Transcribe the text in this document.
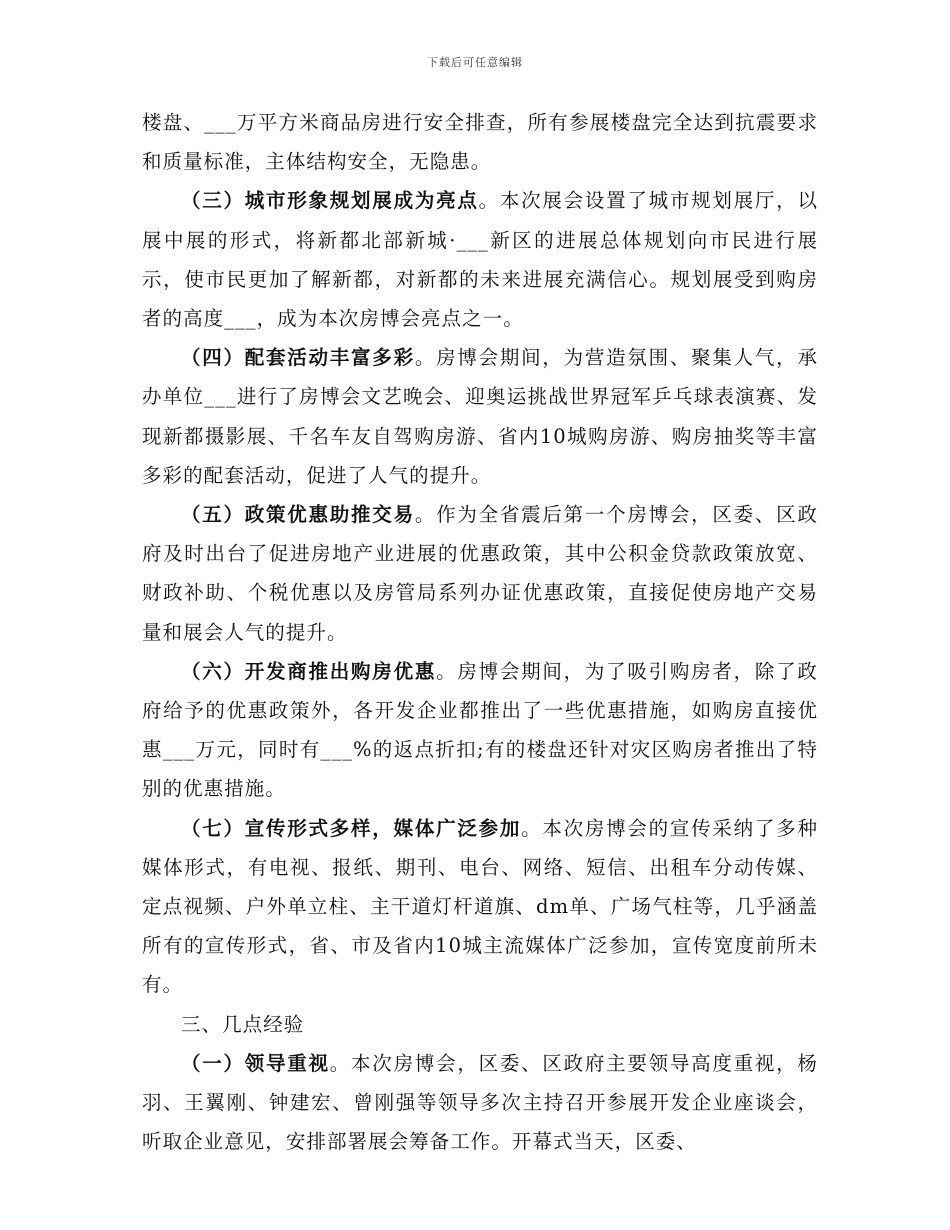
下载后可任意编辑

楼盘、___万平方米商品房进行安全排查，所有参展楼盘完全达到抗震要求和质量标准，主体结构安全，无隐患。

（三）城市形象规划展成为亮点。本次展会设置了城市规划展厅，以展中展的形式，将新都北部新城·___新区的进展总体规划向市民进行展示，使市民更加了解新都，对新都的未来进展充满信心。规划展受到购房者的高度___，成为本次房博会亮点之一。

（四）配套活动丰富多彩。房博会期间，为营造氛围、聚集人气，承办单位___进行了房博会文艺晚会、迎奥运挑战世界冠军乒乓球表演赛、发现新都摄影展、千名车友自驾购房游、省内10城购房游、购房抽奖等丰富多彩的配套活动，促进了人气的提升。

（五）政策优惠助推交易。作为全省震后第一个房博会，区委、区政府及时出台了促进房地产业进展的优惠政策，其中公积金贷款政策放宽、财政补助、个税优惠以及房管局系列办证优惠政策，直接促使房地产交易量和展会人气的提升。

（六）开发商推出购房优惠。房博会期间，为了吸引购房者，除了政府给予的优惠政策外，各开发企业都推出了一些优惠措施，如购房直接优惠___万元，同时有___%的返点折扣;有的楼盘还针对灾区购房者推出了特别的优惠措施。

（七）宣传形式多样，媒体广泛参加。本次房博会的宣传采纳了多种媒体形式，有电视、报纸、期刊、电台、网络、短信、出租车分动传媒、定点视频、户外单立柱、主干道灯杆道旗、dm单、广场气柱等，几乎涵盖所有的宣传形式，省、市及省内10城主流媒体广泛参加，宣传宽度前所未有。

三、几点经验

（一）领导重视。本次房博会，区委、区政府主要领导高度重视，杨羽、王翼刚、钟建宏、曾刚强等领导多次主持召开参展开发企业座谈会，听取企业意见，安排部署展会筹备工作。开幕式当天，区委、
